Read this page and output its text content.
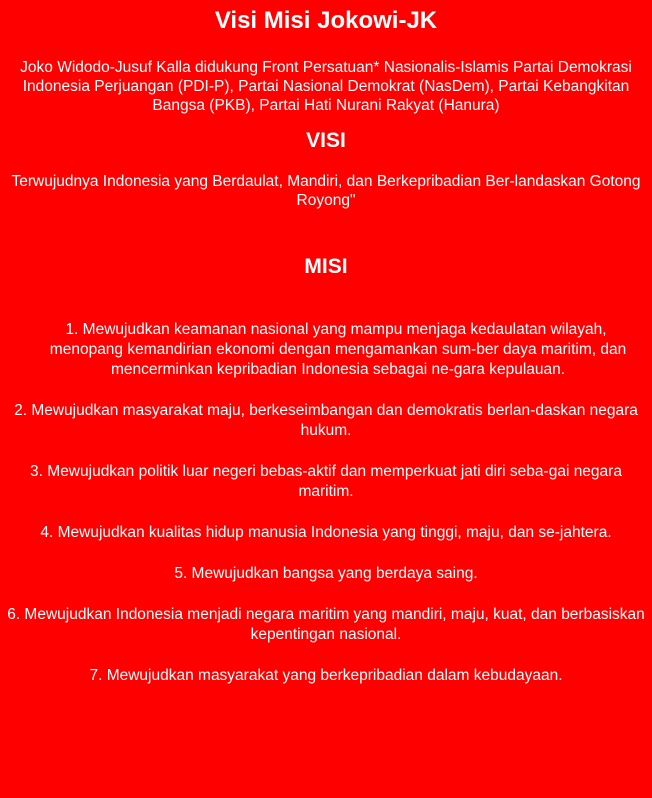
Visi Misi Jokowi-JK

Joko Widodo-Jusuf Kalla didukung Front Persatuan* Nasionalis-Islamis Partai Demokrasi Indonesia Perjuangan (PDI-P), Partai Nasional Demokrat (NasDem), Partai Kebangkitan Bangsa (PKB), Partai Hati Nurani Rakyat (Hanura)

VISI

Terwujudnya Indonesia yang Berdaulat, Mandiri, dan Berkepribadian Ber-landaskan Gotong Royong"

MISI
1. Mewujudkan keamanan nasional yang mampu menjaga kedaulatan wilayah, menopang kemandirian ekonomi dengan mengamankan sum-ber daya maritim, dan mencerminkan kepribadian Indonesia sebagai ne-gara kepulauan.
2. Mewujudkan masyarakat maju, berkeseimbangan dan demokratis berlan-daskan negara hukum.
3. Mewujudkan politik luar negeri bebas-aktif dan memperkuat jati diri seba-gai negara maritim.
4. Mewujudkan kualitas hidup manusia Indonesia yang tinggi, maju, dan se-jahtera.
5. Mewujudkan bangsa yang berdaya saing.
6. Mewujudkan Indonesia menjadi negara maritim yang mandiri, maju, kuat, dan berbasiskan kepentingan nasional.
7. Mewujudkan masyarakat yang berkepribadian dalam kebudayaan.
